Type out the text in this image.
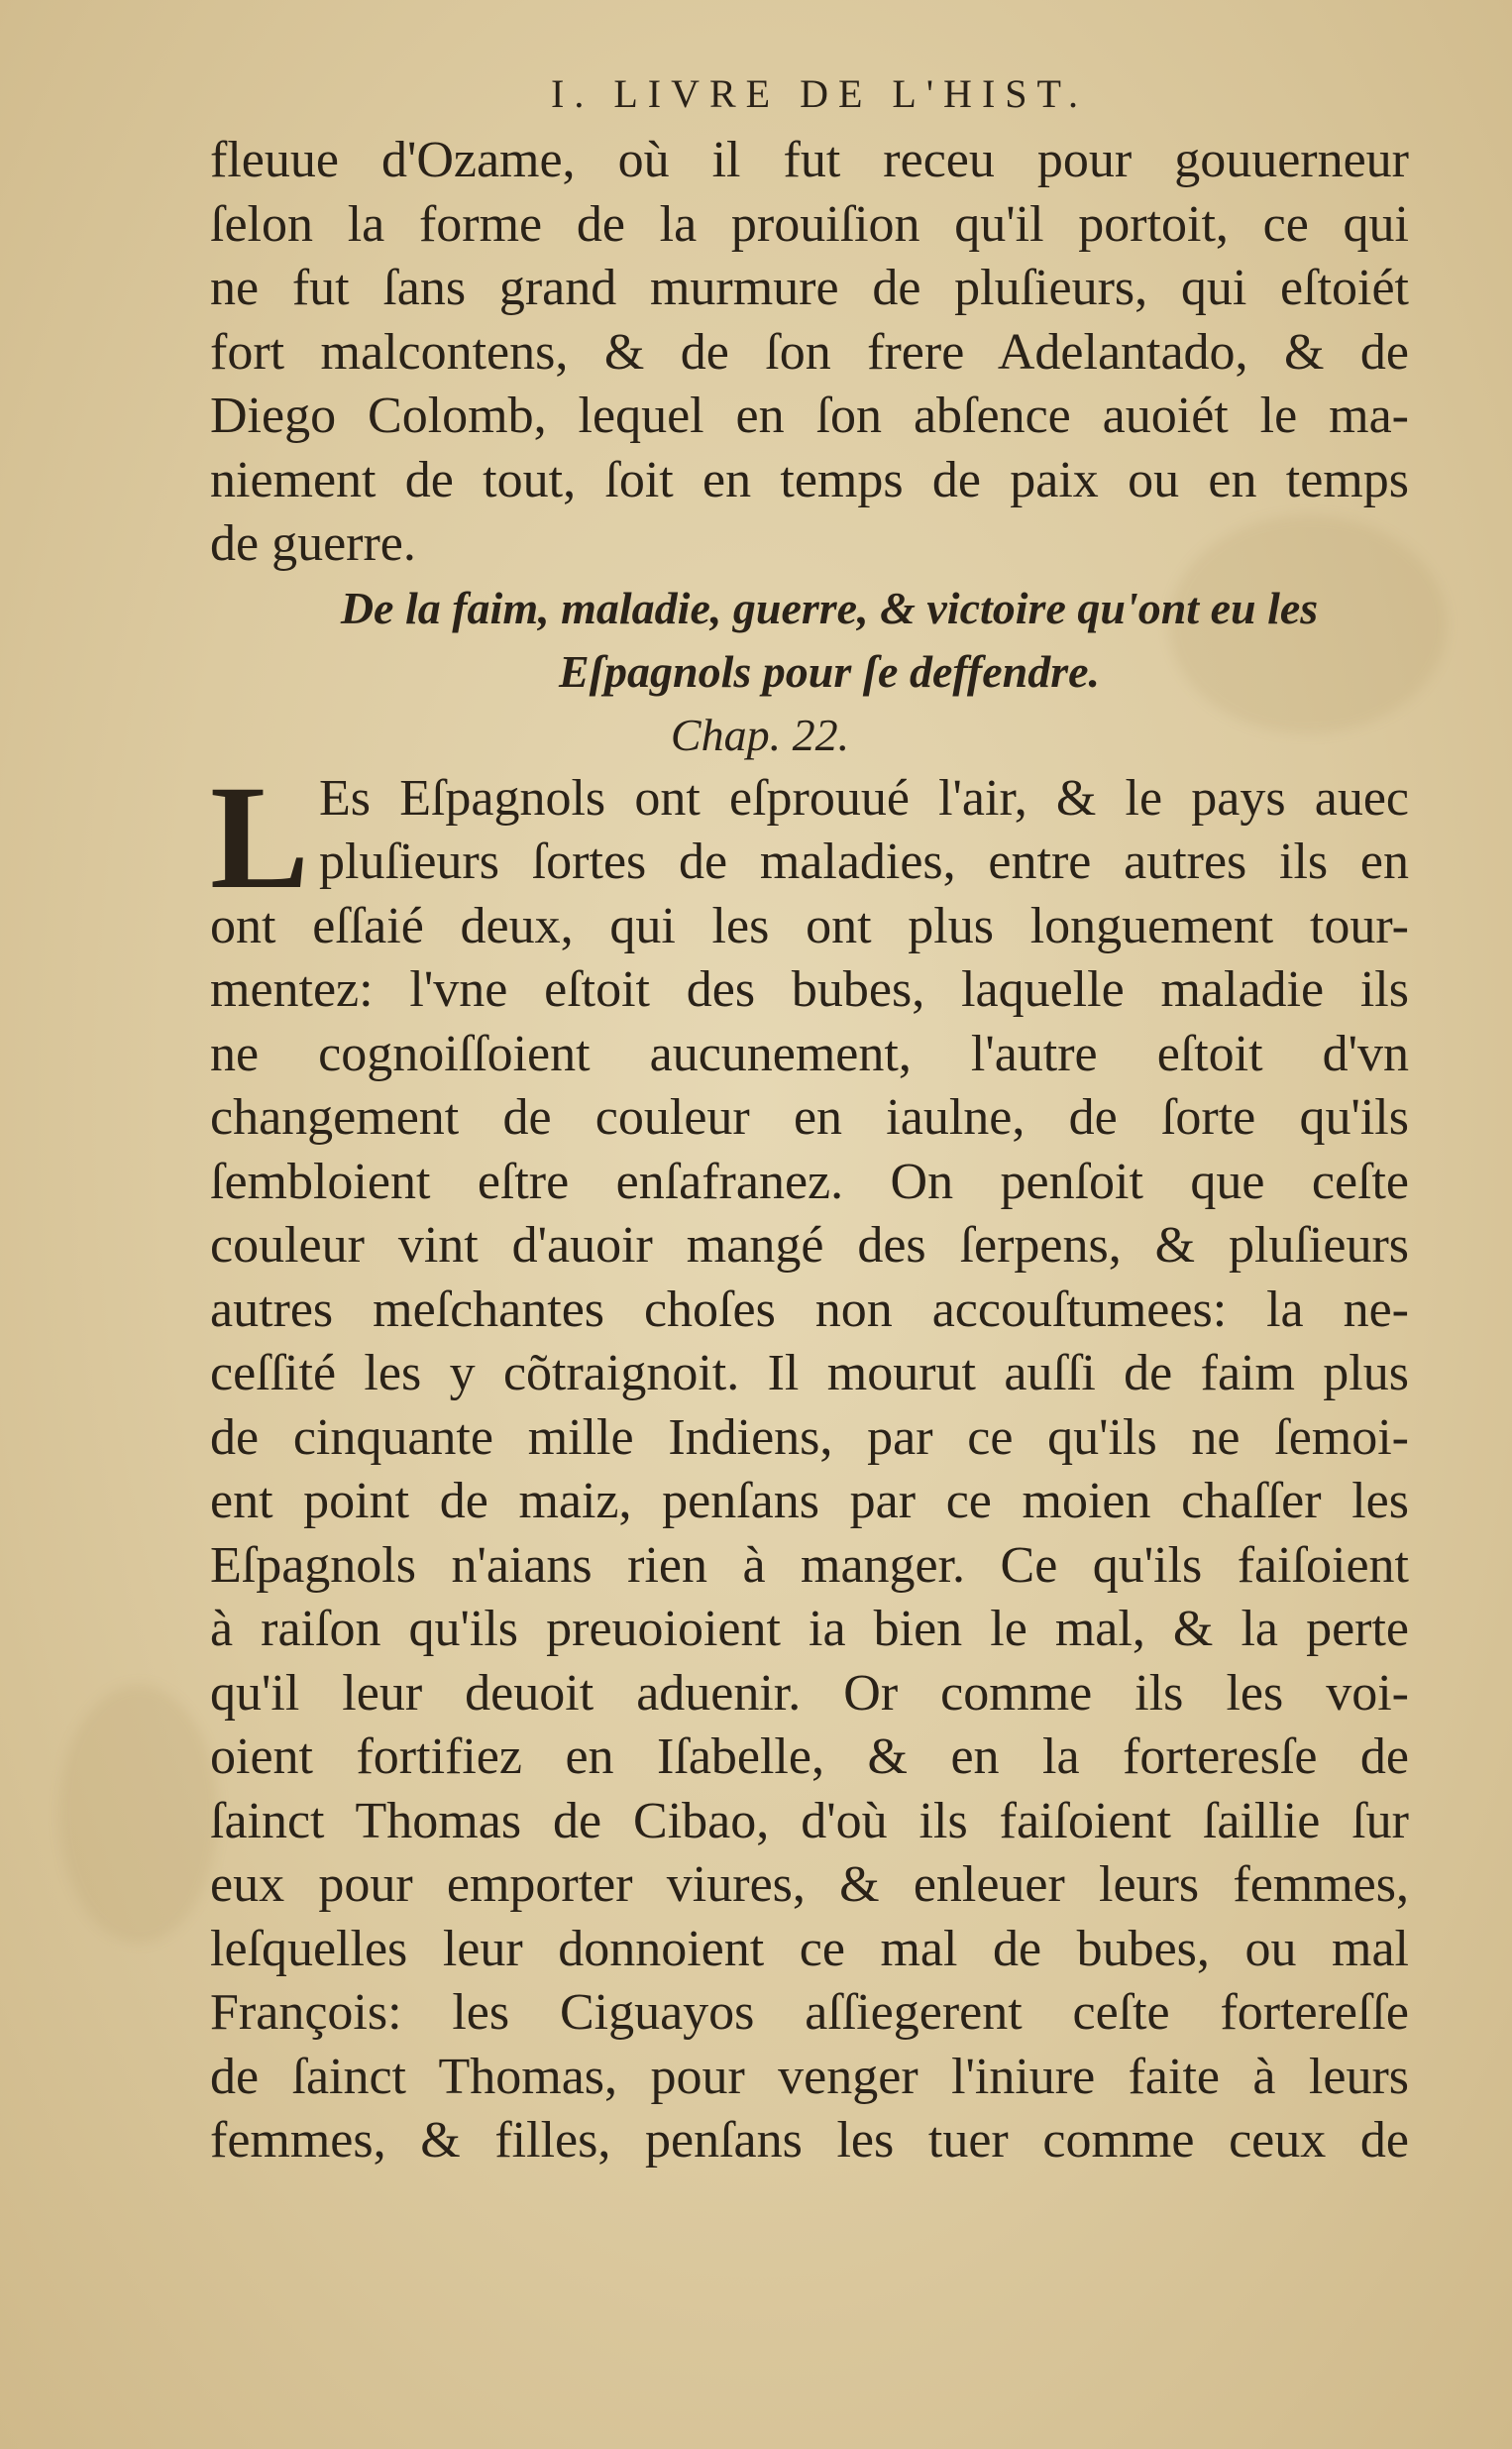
I. LIVRE DE L'HIST.
fleuue d'Ozame, où il fut receu pour gouuerneur
ſelon la forme de la prouiſion qu'il portoit, ce qui
ne fut ſans grand murmure de pluſieurs, qui eſtoiét
fort malcontens, & de ſon frere Adelantado, & de
Diego Colomb, lequel en ſon abſence auoiét le ma-
niement de tout, ſoit en temps de paix ou en temps
de guerre.
De la faim, maladie, guerre, & victoire qu'ont eu les
Eſpagnols pour ſe deffendre.
Chap. 22.
L Es Eſpagnols ont eſprouué l'air, & le pays auec
pluſieurs ſortes de maladies, entre autres ils en
ont eſſaié deux, qui les ont plus longuement tour-
mentez: l'vne eſtoit des bubes, laquelle maladie ils
ne cognoiſſoient aucunement, l'autre eſtoit d'vn
changement de couleur en iaulne, de ſorte qu'ils
ſembloient eſtre enſafranez. On penſoit que ceſte
couleur vint d'auoir mangé des ſerpens, & pluſieurs
autres meſchantes choſes non accouſtumees: la ne-
ceſſité les y cõtraignoit. Il mourut auſſi de faim plus
de cinquante mille Indiens, par ce qu'ils ne ſemoi-
ent point de maiz, penſans par ce moien chaſſer les
Eſpagnols n'aians rien à manger. Ce qu'ils faiſoient
à raiſon qu'ils preuoioient ia bien le mal, & la perte
qu'il leur deuoit aduenir. Or comme ils les voi-
oient fortifiez en Iſabelle, & en la forteresſe de
ſainct Thomas de Cibao, d'où ils faiſoient ſaillie ſur
eux pour emporter viures, & enleuer leurs femmes,
leſquelles leur donnoient ce mal de bubes, ou mal
François: les Ciguayos aſſiegerent ceſte fortereſſe
de ſainct Thomas, pour venger l'iniure faite à leurs
femmes, & filles, penſans les tuer comme ceux de
